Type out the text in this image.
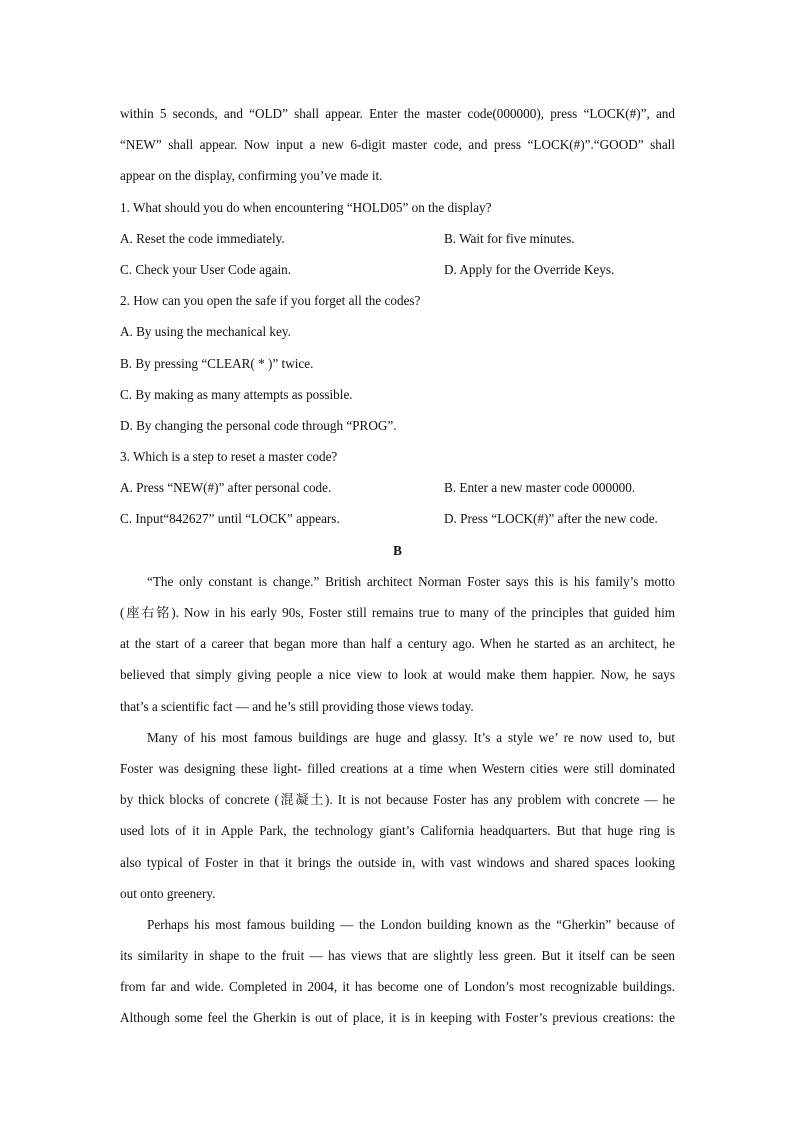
within 5 seconds, and “OLD” shall appear. Enter the master code(000000), press “LOCK(#)”, and
“NEW” shall appear. Now input a new 6-digit master code, and press “LOCK(#)”.“GOOD” shall
appear on the display, confirming you’ve made it.
1. What should you do when encountering “HOLD05” on the display?
A. Reset the code immediately.	B. Wait for five minutes.
C. Check your User Code again.	D. Apply for the Override Keys.
2. How can you open the safe if you forget all the codes?
A. By using the mechanical key.
B. By pressing “CLEAR( * )” twice.
C. By making as many attempts as possible.
D. By changing the personal code through “PROG”.
3. Which is a step to reset a master code?
A. Press “NEW(#)” after personal code.	B. Enter a new master code 000000.
C. Input“842627” until “LOCK” appears.	D. Press “LOCK(#)” after the new code.
B
“The only constant is change.” British architect Norman Foster says this is his family’s motto
(座右铭). Now in his early 90s, Foster still remains true to many of the principles that guided him
at the start of a career that began more than half a century ago. When he started as an architect, he
believed that simply giving people a nice view to look at would make them happier. Now, he says
that’s a scientific fact — and he’s still providing those views today.
Many of his most famous buildings are huge and glassy. It’s a style we’ re now used to, but
Foster was designing these light- filled creations at a time when Western cities were still dominated
by thick blocks of concrete (混凝土). It is not because Foster has any problem with concrete — he
used lots of it in Apple Park, the technology giant’s California headquarters. But that huge ring is
also typical of Foster in that it brings the outside in, with vast windows and shared spaces looking
out onto greenery.
Perhaps his most famous building — the London building known as the “Gherkin” because of
its similarity in shape to the fruit — has views that are slightly less green. But it itself can be seen
from far and wide. Completed in 2004, it has become one of London’s most recognizable buildings.
Although some feel the Gherkin is out of place, it is in keeping with Foster’s previous creations: the
